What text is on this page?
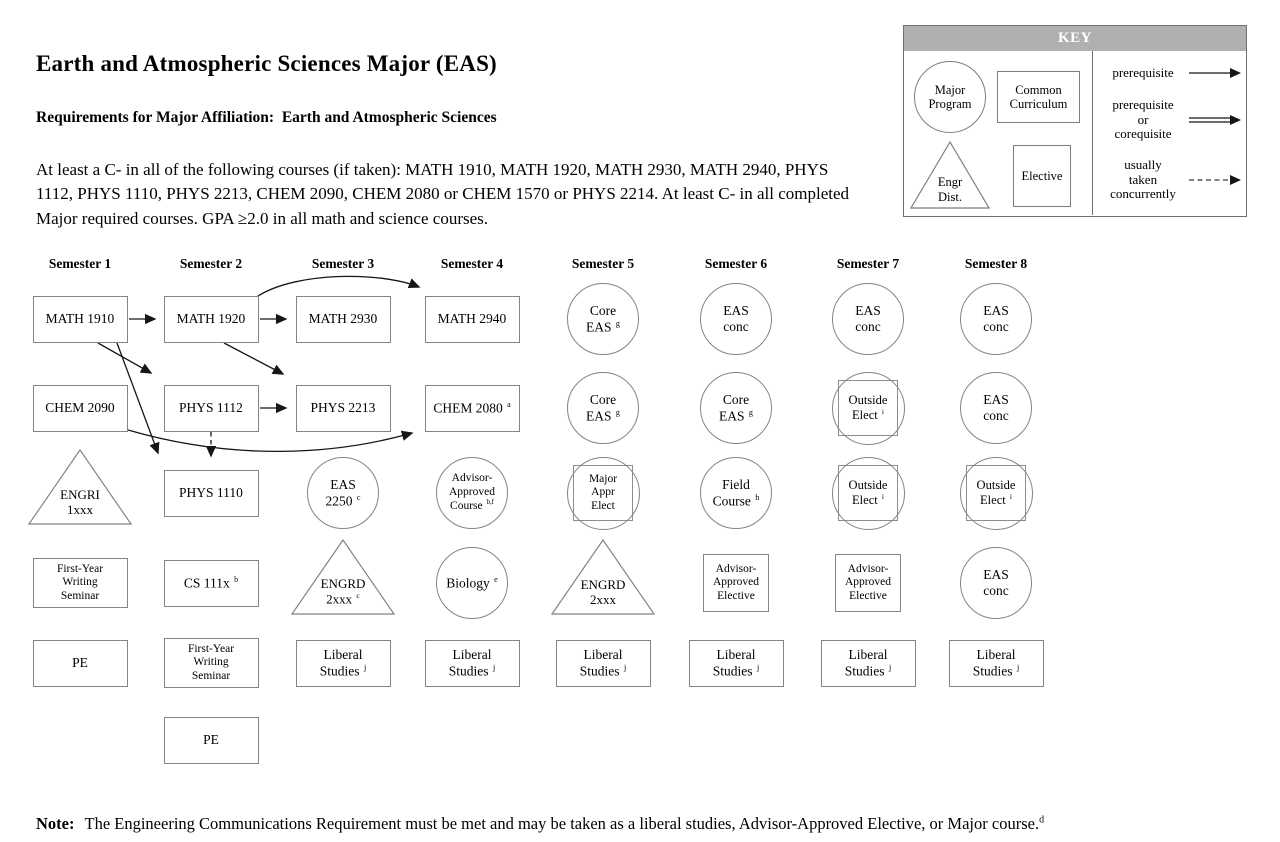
Earth and Atmospheric Sciences Major (EAS)
Requirements for Major Affiliation:  Earth and Atmospheric Sciences

At least a C- in all of the following courses (if taken): MATH 1910, MATH 1920, MATH 2930, MATH 2940, PHYS 1112, PHYS 1110, PHYS 2213, CHEM 2090, CHEM 2080 or CHEM 1570 or PHYS 2214. At least C- in all completed Major required courses. GPA ≥2.0 in all math and science courses.

KEY
Major
Program
Common
Curriculum
Engr
Dist.
Elective
prerequisite
prerequisite
or
corequisite
usually
taken
concurrently
Semester 1	Semester 2	Semester 3	Semester 4	Semester 5	Semester 6	Semester 7	Semester 8
MATH 1910
CHEM 2090
ENGRI
1xxx
First-Year
Writing
Seminar
PE
MATH 1920
PHYS 1112
PHYS 1110
CS 111x $^b$
First-Year
Writing
Seminar
PE
MATH 2930
PHYS 2213
EAS
2250 $^c$
ENGRD
2xxx $^c$
Liberal
Studies $^j$
MATH 2940
CHEM 2080 $^a$
Advisor-
Approved
Course $^{b,f}$
Biology $^e$
Liberal
Studies $^j$
Core
EAS $^g$
Core
EAS $^g$
Major
Appr
Elect
ENGRD
2xxx
Liberal
Studies $^j$
EAS
conc
Core
EAS $^g$
Field
Course $^h$
Advisor-
Approved
Elective
Liberal
Studies $^j$
EAS
conc
Outside
Elect $^i$
Outside
Elect $^i$
Advisor-
Approved
Elective
Liberal
Studies $^j$
EAS
conc
EAS
conc
Outside
Elect $^i$
EAS
conc
Liberal
Studies $^j$

Note: The Engineering Communications Requirement must be met and may be taken as a liberal studies, Advisor-Approved Elective, or Major course.$^d$
